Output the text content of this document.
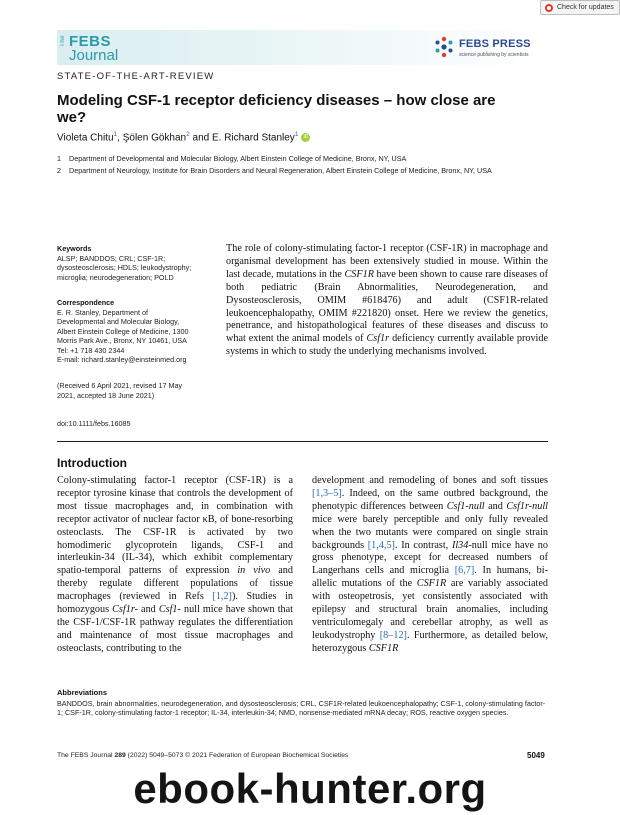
Check for updates
The FEBS
Journal
FEBS PRESS
science publishing by scientists
STATE-OF-THE-ART-REVIEW
Modeling CSF-1 receptor deficiency diseases – how close are we?
Violeta Chitu$^1$, Şölen Gökhan$^2$ and E. Richard Stanley$^1$ iD
1 Department of Developmental and Molecular Biology, Albert Einstein College of Medicine, Bronx, NY, USA
2 Department of Neurology, Institute for Brain Disorders and Neural Regeneration, Albert Einstein College of Medicine, Bronx, NY, USA
Keywords
ALSP; BANDDOS; CRL; CSF-1R; dysosteosclerosis; HDLS; leukodystrophy; microglia; neurodegeneration; POLD
Correspondence
E. R. Stanley, Department of
Developmental and Molecular Biology,
Albert Einstein College of Medicine, 1300
Morris Park Ave., Bronx, NY 10461, USA
Tel: +1 718 430 2344
E-mail: richard.stanley@einsteinmed.org
(Received 6 April 2021, revised 17 May
2021, accepted 18 June 2021)
doi:10.1111/febs.16085
The role of colony-stimulating factor-1 receptor (CSF-1R) in macrophage and organismal development has been extensively studied in mouse. Within the last decade, mutations in the CSF1R have been shown to cause rare diseases of both pediatric (Brain Abnormalities, Neurodegeneration, and Dysosteosclerosis, OMIM #618476) and adult (CSF1R-related leukoencephalopathy, OMIM #221820) onset. Here we review the genetics, penetrance, and histopathological features of these diseases and discuss to what extent the animal models of Csf1r deficiency currently available provide systems in which to study the underlying mechanisms involved.
Introduction
Colony-stimulating factor-1 receptor (CSF-1R) is a receptor tyrosine kinase that controls the development of most tissue macrophages and, in combination with receptor activator of nuclear factor κB, of bone-resorbing osteoclasts. The CSF-1R is activated by two homodimeric glycoprotein ligands, CSF-1 and interleukin-34 (IL-34), which exhibit complementary spatio-temporal patterns of expression in vivo and thereby regulate different populations of tissue macrophages (reviewed in Refs [1,2]). Studies in homozygous Csf1r- and Csf1- null mice have shown that the CSF-1/CSF-1R pathway regulates the differentiation and maintenance of most tissue macrophages and osteoclasts, contributing to the
development and remodeling of bones and soft tissues [1,3–5]. Indeed, on the same outbred background, the phenotypic differences between Csf1-null and Csf1r-null mice were barely perceptible and only fully revealed when the two mutants were compared on single strain backgrounds [1,4,5]. In contrast, Il34-null mice have no gross phenotype, except for decreased numbers of Langerhans cells and microglia [6,7]. In humans, bi-allelic mutations of the CSF1R are variably associated with osteopetrosis, yet consistently associated with epilepsy and structural brain anomalies, including ventriculomegaly and cerebellar atrophy, as well as leukodystrophy [8–12]. Furthermore, as detailed below, heterozygous CSF1R
Abbreviations
BANDDOS, brain abnormalities, neurodegeneration, and dysosteosclerosis; CRL, CSF1R-related leukoencephalopathy; CSF-1, colony-stimulating factor-1; CSF-1R, colony-stimulating factor-1 receptor; IL-34, interleukin-34; NMD, nonsense-mediated mRNA decay; ROS, reactive oxygen species.
The FEBS Journal 289 (2022) 5049–5073 © 2021 Federation of European Biochemical Societies	5049
ebook-hunter.org
